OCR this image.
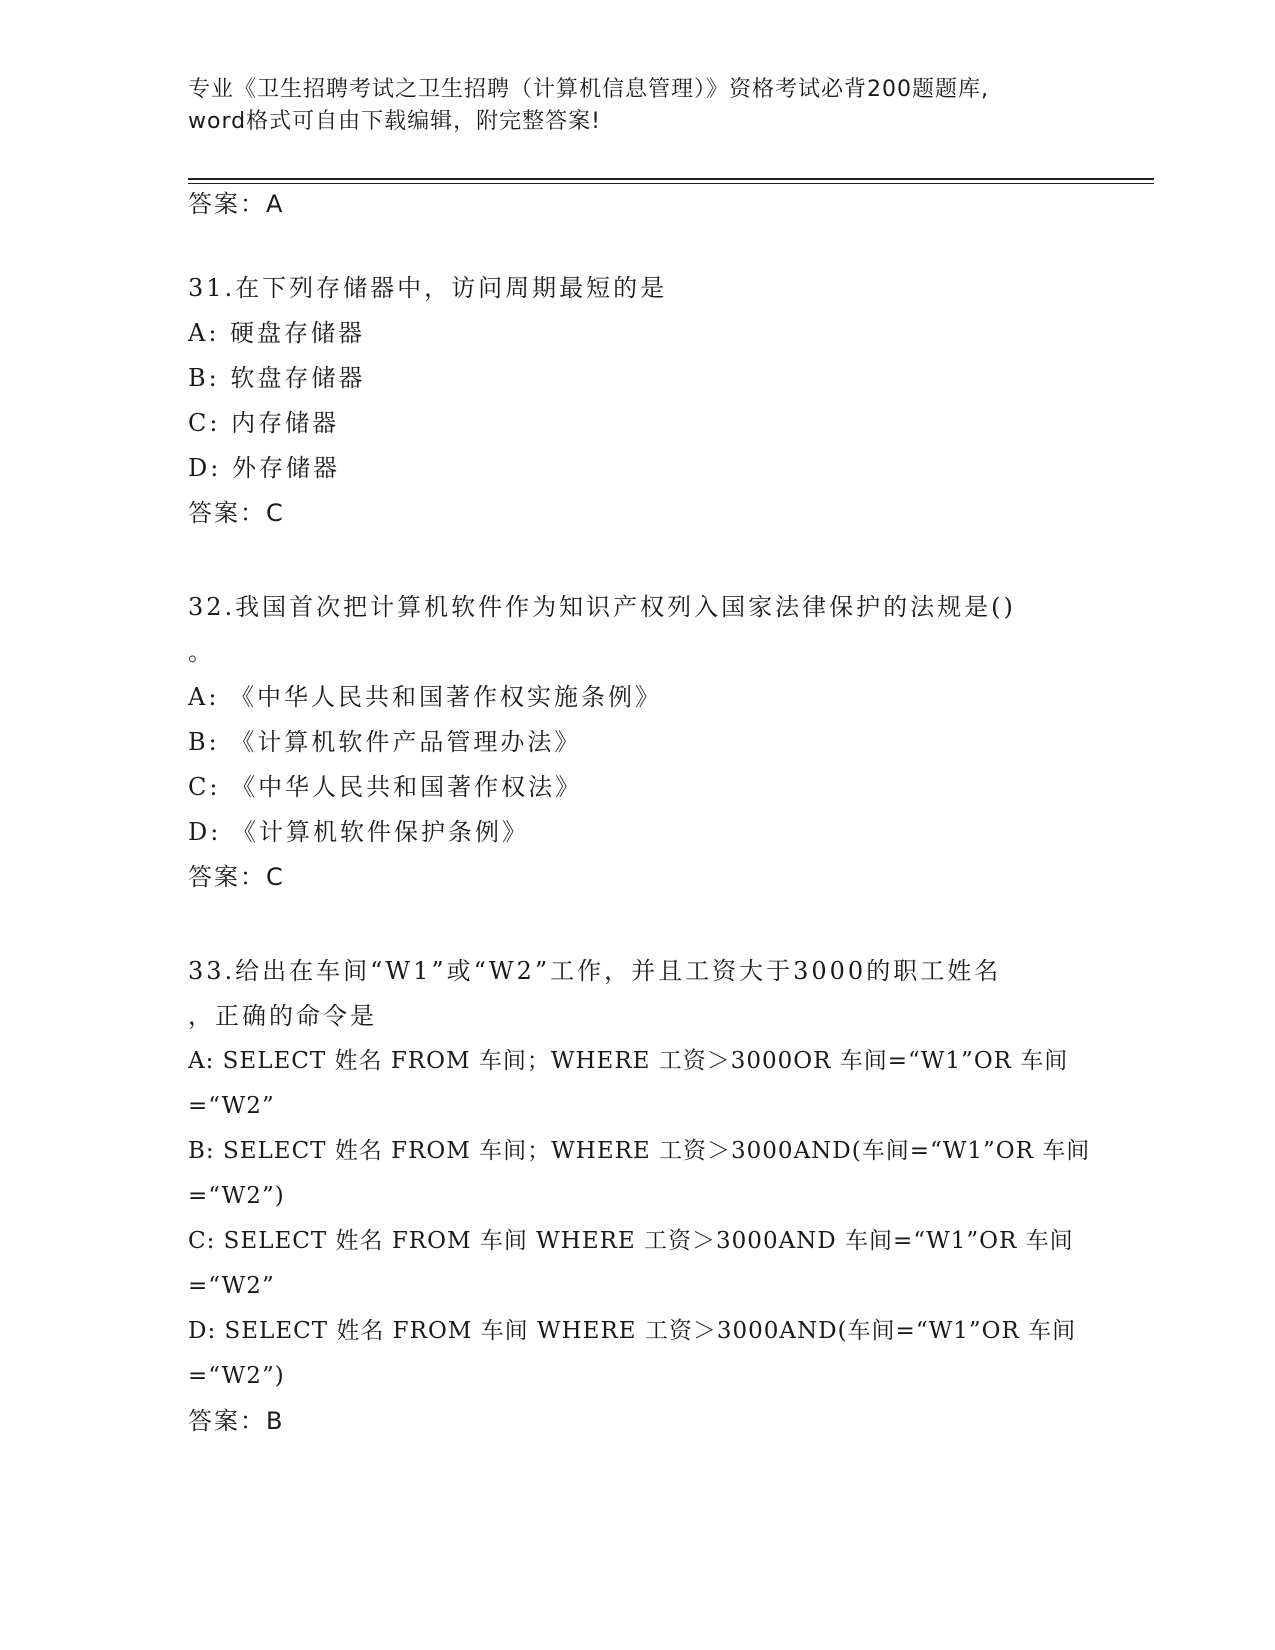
专业《卫生招聘考试之卫生招聘（计算机信息管理）》资格考试必背200题题库,
word格式可自由下载编辑，附完整答案!
答案：A
31.在下列存储器中，访问周期最短的是
A: 硬盘存储器
B: 软盘存储器
C: 内存储器
D: 外存储器
答案：C
32.我国首次把计算机软件作为知识产权列入国家法律保护的法规是()
。
A: 《中华人民共和国著作权实施条例》
B: 《计算机软件产品管理办法》
C: 《中华人民共和国著作权法》
D: 《计算机软件保护条例》
答案：C
33.给出在车间“W1”或“W2”工作，并且工资大于3000的职工姓名
，正确的命令是
A: SELECT 姓名 FROM 车间；WHERE 工资＞3000OR 车间=“W1”OR 车间
=“W2”
B: SELECT 姓名 FROM 车间；WHERE 工资＞3000AND(车间=“W1”OR 车间
=“W2”)
C: SELECT 姓名 FROM 车间 WHERE 工资＞3000AND 车间=“W1”OR 车间
=“W2”
D: SELECT 姓名 FROM 车间 WHERE 工资＞3000AND(车间=“W1”OR 车间
=“W2”)
答案：B
